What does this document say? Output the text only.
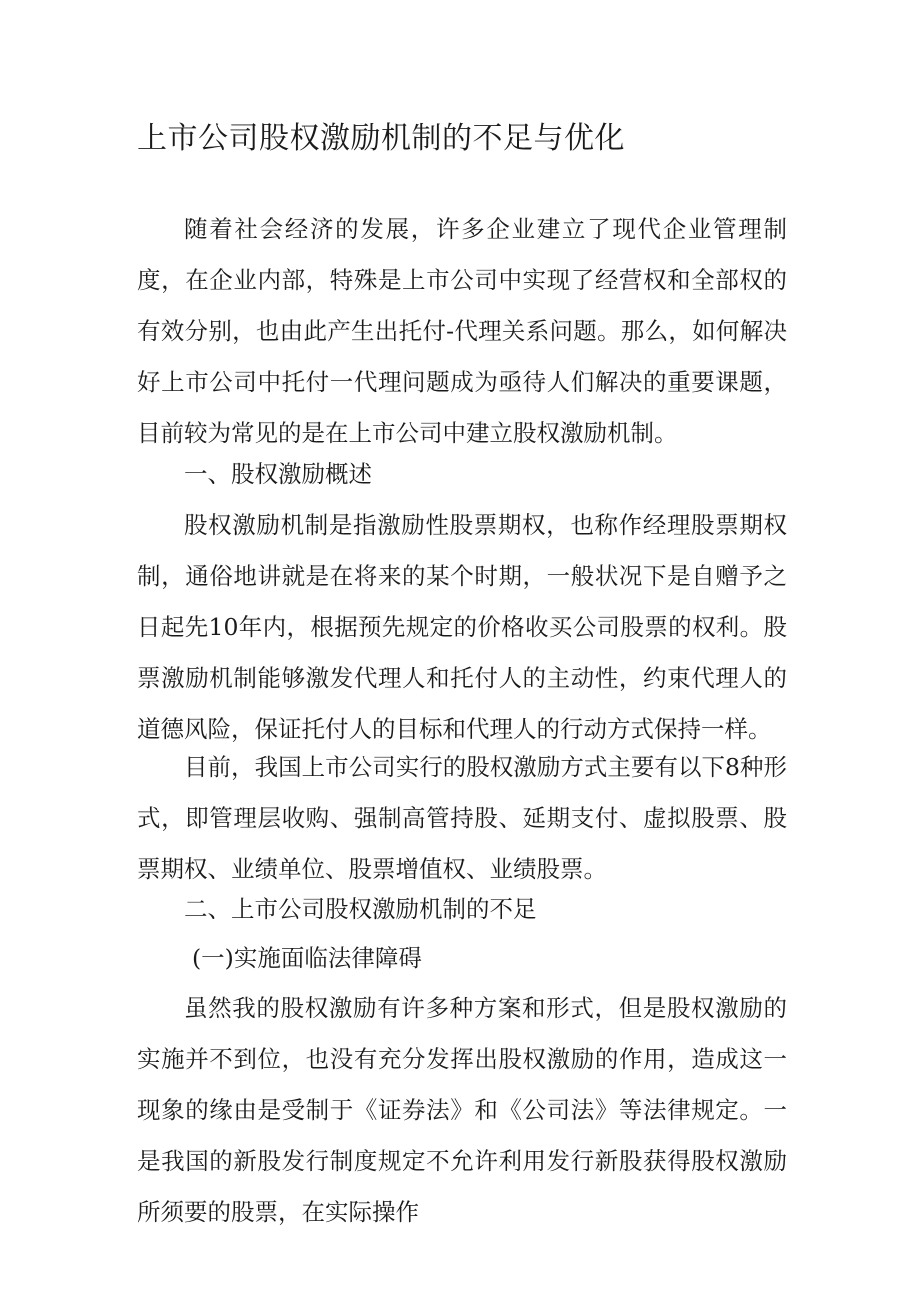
上市公司股权激励机制的不足与优化
随着社会经济的发展，许多企业建立了现代企业管理制度，在企业内部，特殊是上市公司中实现了经营权和全部权的有效分别，也由此产生出托付-代理关系问题。那么，如何解决好上市公司中托付一代理问题成为亟待人们解决的重要课题，目前较为常见的是在上市公司中建立股权激励机制。
一、股权激励概述
股权激励机制是指激励性股票期权，也称作经理股票期权制，通俗地讲就是在将来的某个时期，一般状况下是自赠予之日起先10年内，根据预先规定的价格收买公司股票的权利。股票激励机制能够激发代理人和托付人的主动性，约束代理人的道德风险，保证托付人的目标和代理人的行动方式保持一样。
目前，我国上市公司实行的股权激励方式主要有以下8种形式，即管理层收购、强制高管持股、延期支付、虚拟股票、股票期权、业绩单位、股票增值权、业绩股票。
二、上市公司股权激励机制的不足
(一)实施面临法律障碍
虽然我的股权激励有许多种方案和形式，但是股权激励的实施并不到位，也没有充分发挥出股权激励的作用，造成这一现象的缘由是受制于《证券法》和《公司法》等法律规定。一是我国的新股发行制度规定不允许利用发行新股获得股权激励所须要的股票，在实际操作
